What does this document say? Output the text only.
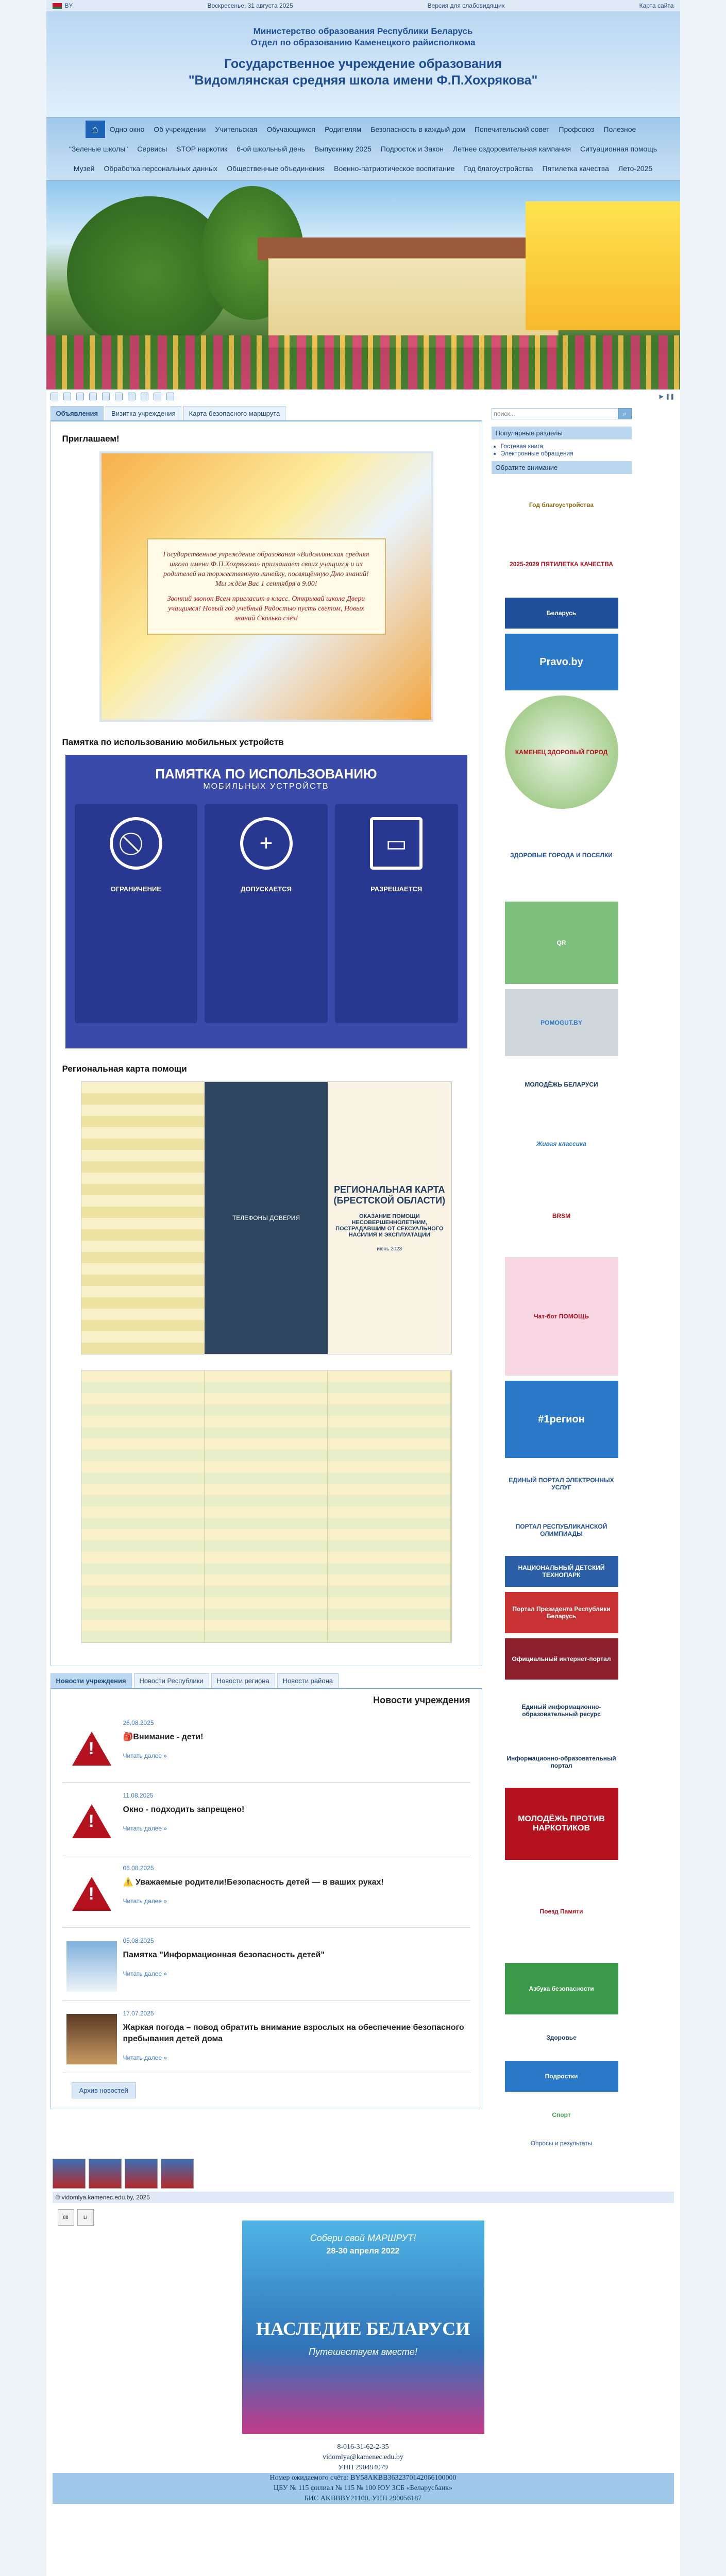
BY	Воскресенье, 31 августа 2025	Версия для слабовидящих	Карта сайта
Министерство образования Республики Беларусь
Отдел по образованию Каменецкого райисполкома
Государственное учреждение образования
"Видомлянская средняя школа имени Ф.П.Хохрякова"
⌂	Одно окно	Об учреждении	Учительская	Обучающимся	Родителям	Безопасность в каждый дом	Попечительский совет	Профсоюз	Полезное
"Зеленые школы"	Сервисы	STOP наркотик	6-ой школьный день	Выпускнику 2025	Подросток и Закон	Летнее оздоровительная кампания	Ситуационная помощь
Музей	Обработка персональных данных	Общественные объединения	Военно-патриотическое воспитание	Год благоустройства	Пятилетка качества	Лето-2025
▶ ❚❚
Объявления	Визитка учреждения	Карта безопасного маршрута
Приглашаем!
Государственное учреждение образования «Видомлянская средняя школа имени Ф.П.Хохрякова» приглашает своих учащихся и их родителей на торжественную линейку, посвящённую Дню знаний! Мы ждём Вас 1 сентября в 9.00!
Звонкий звонок Всем пригласит в класс. Открывай школа Двери учащимся! Новый год учёбный Радостью пусть светом, Новых знаний Сколько слёз!
Памятка по использованию мобильных устройств
ПАМЯТКА ПО ИСПОЛЬЗОВАНИЮ
МОБИЛЬНЫХ УСТРОЙСТВ
ОГРАНИЧЕНИЕ
+
ДОПУСКАЕТСЯ
▭
РАЗРЕШАЕТСЯ
Региональная карта помощи
ТЕЛЕФОНЫ ДОВЕРИЯ
РЕГИОНАЛЬНАЯ КАРТА (БРЕСТСКОЙ ОБЛАСТИ)
ОКАЗАНИЕ ПОМОЩИ НЕСОВЕРШЕННОЛЕТНИМ, ПОСТРАДАВШИМ ОТ СЕКСУАЛЬНОГО НАСИЛИЯ И ЭКСПЛУАТАЦИИ
июнь 2023
Новости учреждения	Новости Республики	Новости региона	Новости района
Новости учреждения
!
26.08.2025
🎒Внимание - дети!
Читать далее »
!
11.08.2025
Окно - подходить запрещено!
Читать далее »
!
06.08.2025
⚠️ Уважаемые родители!Безопасность детей — в ваших руках!
Читать далее »
05.08.2025
Памятка "Информационная безопасность детей"
Читать далее »
17.07.2025
Жаркая погода – повод обратить внимание взрослых на обеспечение безопасного пребывания детей дома
Читать далее »
Архив новостей
поиск...
⌕
Популярные разделы
• Гостевая книга
• Электронные обращения
Обратите внимание
Год благоустройства
2025-2029 ПЯТИЛЕТКА КАЧЕСТВА
Беларусь
Pravo.by
КАМЕНЕЦ ЗДОРОВЫЙ ГОРОД
ЗДОРОВЫЕ ГОРОДА И ПОСЕЛКИ
QR
POMOGUT.BY
МОЛОДЁЖЬ БЕЛАРУСИ
Живая классика
BRSM
Чат-бот ПОМОЩЬ
#1регион
ЕДИНЫЙ ПОРТАЛ ЭЛЕКТРОННЫХ УСЛУГ
ПОРТАЛ РЕСПУБЛИКАНСКОЙ ОЛИМПИАДЫ
НАЦИОНАЛЬНЫЙ ДЕТСКИЙ ТЕХНОПАРК
Портал Президента Республики Беларусь
Официальный интернет-портал
Единый информационно-образовательный ресурс
Информационно-образовательный портал
МОЛОДЁЖЬ ПРОТИВ НАРКОТИКОВ
Поезд Памяти
Азбука безопасности
Здоровье
Подростки
Спорт
Опросы и результаты
© vidomlya.kamenec.edu.by, 2025
88	Li
Собери свой МАРШРУТ!
28-30 апреля 2022
НАСЛЕДИЕ БЕЛАРУСИ
Путешествуем вместе!
8-016-31-62-2-35
vidomlya@kamenec.edu.by
УНП 290494079
Номер ожидаемого счёта: BY58AKBB3632370142066100000
ЦБУ № 115 филиал № 115 № 100 ЮУ ЗСБ «Беларусбанк»
БИС AKBBBY21100, УНП 290056187
